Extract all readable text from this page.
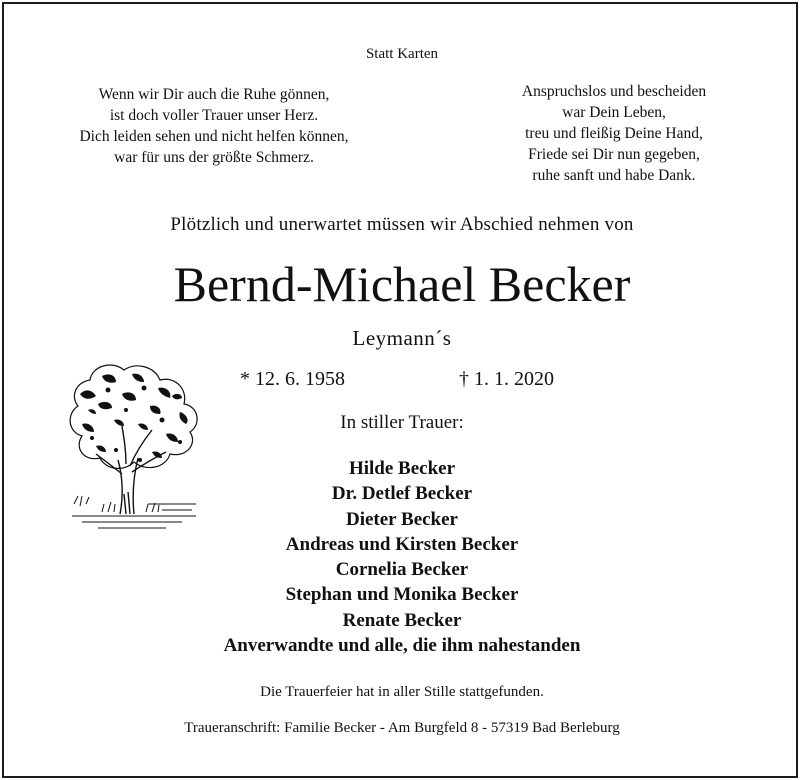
Statt Karten
Wenn wir Dir auch die Ruhe gönnen,
ist doch voller Trauer unser Herz.
Dich leiden sehen und nicht helfen können,
war für uns der größte Schmerz.
Anspruchslos und bescheiden
war Dein Leben,
treu und fleißig Deine Hand,
Friede sei Dir nun gegeben,
ruhe sanft und habe Dank.
Plötzlich und unerwartet müssen wir Abschied nehmen von
Bernd-Michael Becker
Leymann´s
* 12. 6. 1958	† 1. 1. 2020
In stiller Trauer:
Hilde Becker
Dr. Detlef Becker
Dieter Becker
Andreas und Kirsten Becker
Cornelia Becker
Stephan und Monika Becker
Renate Becker
Anverwandte und alle, die ihm nahestanden
Die Trauerfeier hat in aller Stille stattgefunden.
Traueranschrift: Familie Becker - Am Burgfeld 8 - 57319 Bad Berleburg
